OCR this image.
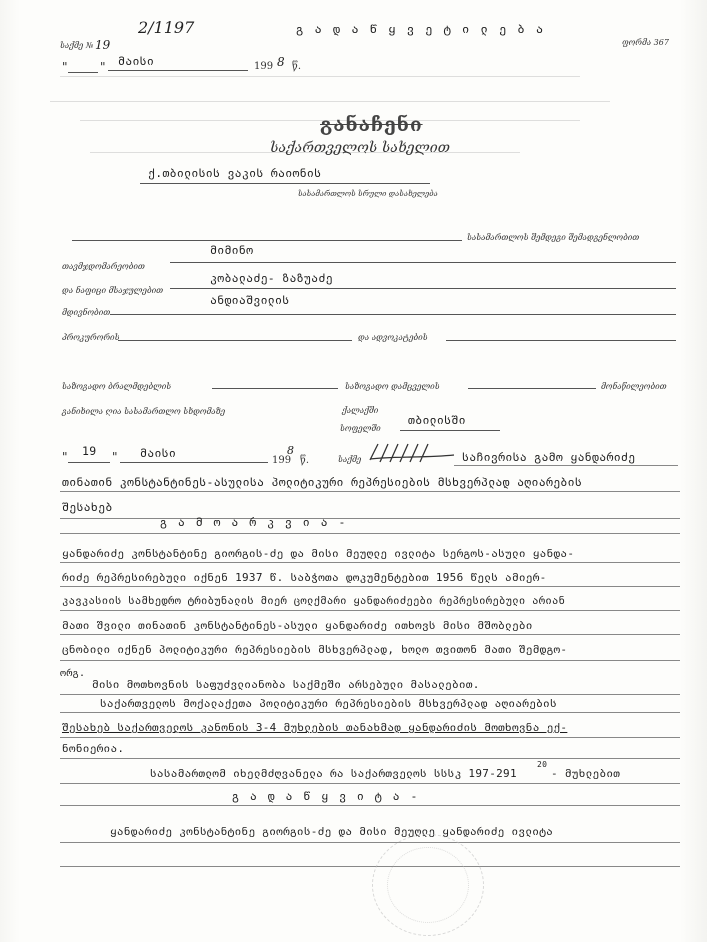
2/1197	გ ა დ ა წ ყ ვ ე ტ ი ლ ე ბ ა
საქმე № 19	ფორმა 367
"	" მაისი	199 8 წ.
განაჩენი
საქართველოს სახელით
ქ.თბილისის ვაკის რაიონის
სასამართლოს სრული დასახელება
სასამართლოს შემდეგი შემადგენლობით
თავმჯდომარეობით
მიმინო
და ნაფიცი მსაჯულებით
კობალაძე- ზაზუაძე
ანდიაშვილის
მდივნობით
პროკურორის	და ადვოკატების
საზოგადო ბრალმდებლის	საზოგადო დამცველის	მონაწილეობით
განიხილა ღია სასამართლო სხდომაზე	ქალაქში
სოფელში
თბილისში
" 19 " მაისი
199
8
წ.	საქმე	საჩივრისა გამო ყანდარიძე
თინათინ კონსტანტინეს-ასულისა პოლიტიკური რეპრესიების მსხვერპლად აღიარების
შესახებ
გ ა მ ო ა რ კ ვ ი ა -
ყანდარიძე კონსტანტინე გიორგის-ძე და მისი მეუღლე ივლიტა სერგოს-ასული ყანდა-
რიძე რეპრესირებული იქნენ 1937 წ. საბჭოთა დოკუმენტებით 1956 წელს ამიერ-
კავკასიის სამხედრო ტრიბუნალის მიერ ცოლქმარი ყანდარიძეები რეპრესირებული არიან
მათი შვილი თინათინ კონსტანტინეს-ასული ყანდარიძე ითხოვს მისი მშობლები
ცნობილი იქნენ პოლიტიკური რეპრესიების მსხვერპლად, ხოლო თვითონ მათი შემდგო-
ორგ.
მისი მოთხოვნის საფუძვლიანობა საქმეში არსებული მასალებით.
საქართველოს მოქალაქეთა პოლიტიკური რეპრესიების მსხვერპლად აღიარების
შესახებ საქართველოს კანონის 3-4 მუხლების თანახმად ყანდარიძის მოთხოვნა ექ-
ნონიერია.
სასამართლომ იხელმძღვანელა რა საქართველოს სსსკ 197-291
20
- მუხლებით
გ ა დ ა წ ყ ვ ი ტ ა -
ყანდარიძე კონსტანტინე გიორგის-ძე და მისი მეუღლე ყანდარიძე ივლიტა
